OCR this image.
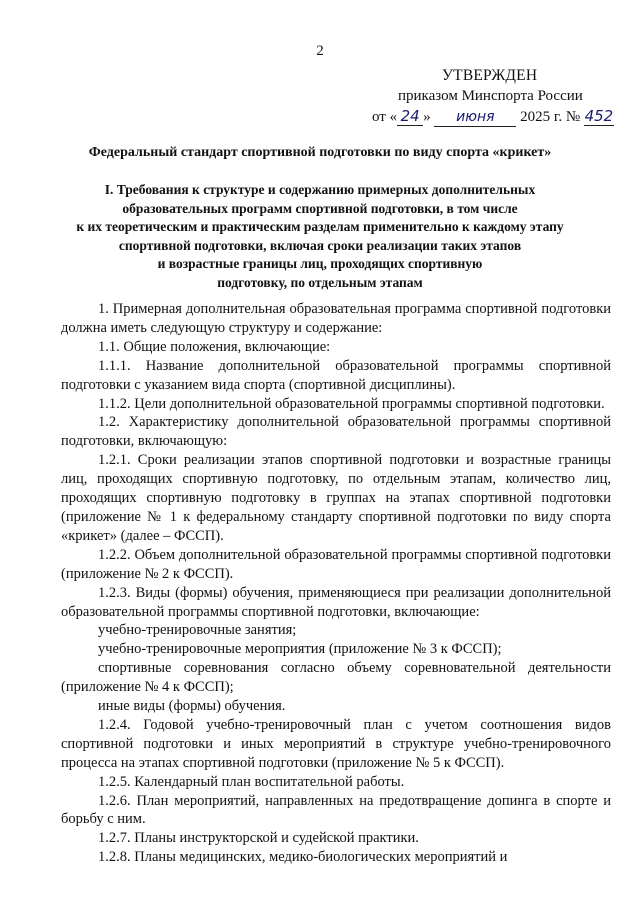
2
УТВЕРЖДЕН
приказом Минспорта России
от « 24 » июня 2025 г. № 452
Федеральный стандарт спортивной подготовки по виду спорта «крикет»
I. Требования к структуре и содержанию примерных дополнительных
образовательных программ спортивной подготовки, в том числе
к их теоретическим и практическим разделам применительно к каждому этапу
спортивной подготовки, включая сроки реализации таких этапов
и возрастные границы лиц, проходящих спортивную
подготовку, по отдельным этапам

1. Примерная дополнительная образовательная программа спортивной подготовки должна иметь следующую структуру и содержание:

1.1. Общие положения, включающие:

1.1.1. Название дополнительной образовательной программы спортивной подготовки с указанием вида спорта (спортивной дисциплины).

1.1.2. Цели дополнительной образовательной программы спортивной подготовки.

1.2. Характеристику дополнительной образовательной программы спортивной подготовки, включающую:

1.2.1. Сроки реализации этапов спортивной подготовки и возрастные границы лиц, проходящих спортивную подготовку, по отдельным этапам, количество лиц, проходящих спортивную подготовку в группах на этапах спортивной подготовки (приложение № 1 к федеральному стандарту спортивной подготовки по виду спорта «крикет» (далее – ФССП).

1.2.2. Объем дополнительной образовательной программы спортивной подготовки (приложение № 2 к ФССП).

1.2.3. Виды (формы) обучения, применяющиеся при реализации дополнительной образовательной программы спортивной подготовки, включающие:

учебно-тренировочные занятия;

учебно-тренировочные мероприятия (приложение № 3 к ФССП);

спортивные соревнования согласно объему соревновательной деятельности (приложение № 4 к ФССП);

иные виды (формы) обучения.

1.2.4. Годовой учебно-тренировочный план с учетом соотношения видов спортивной подготовки и иных мероприятий в структуре учебно-тренировочного процесса на этапах спортивной подготовки (приложение № 5 к ФССП).

1.2.5. Календарный план воспитательной работы.

1.2.6. План мероприятий, направленных на предотвращение допинга в спорте и борьбу с ним.

1.2.7. Планы инструкторской и судейской практики.

1.2.8. Планы медицинских, медико-биологических мероприятий и
